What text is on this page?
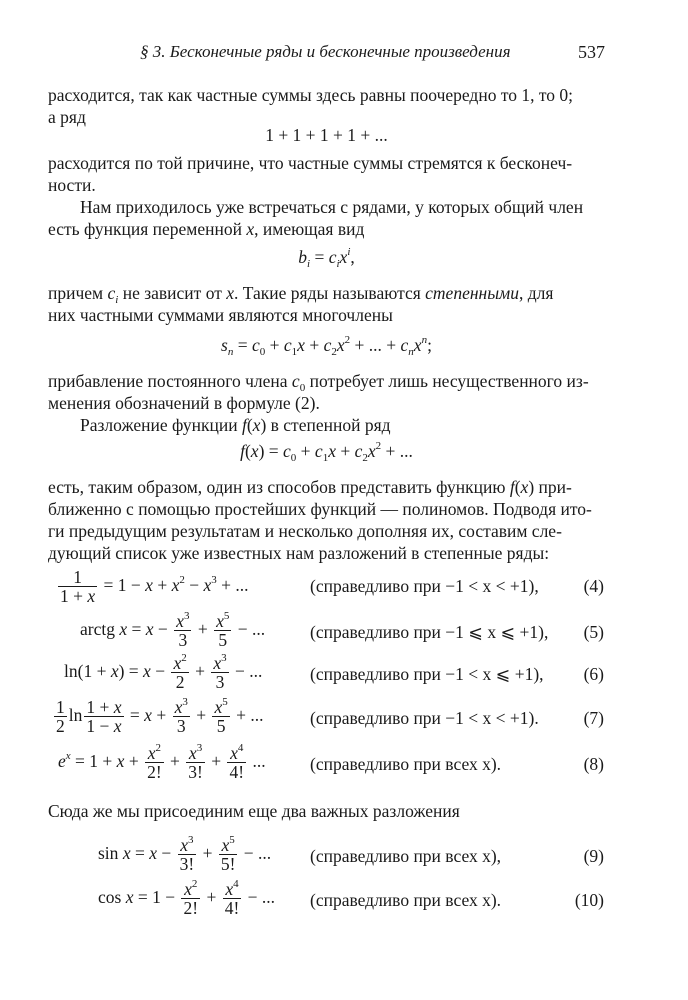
§ 3. Бесконечные ряды и бесконечные произведения	537
расходится, так как частные суммы здесь равны поочередно то 1, то 0;
а ряд
1 + 1 + 1 + 1 + ...
расходится по той причине, что частные суммы стремятся к бесконеч-
ности.
Нам приходилось уже встречаться с рядами, у которых общий член
есть функция переменной x, имеющая вид
$b_i = c_ix^i$,
причем $c_i$ не зависит от x. Такие ряды называются степенными, для
них частными суммами являются многочлены
$s_n = c_0 + c_1x + c_2x^2$ + ... + $c_nx^n$;
прибавление постоянного члена $c_0$ потребует лишь несущественного из-
менения обозначений в формуле (2).
Разложение функции f(x) в степенной ряд
$f(x) = c_0 + c_1x + c_2x^2$ + ...
есть, таким образом, один из способов представить функцию f(x) при-
ближенно с помощью простейших функций — полиномов. Подводя ито-
ги предыдущим результатам и несколько дополняя их, составим сле-
дующий список уже известных нам разложений в степенные ряды:
$\frac{1}{1 + x} = 1 - x + x^2 - x^3$ + ...	(справедливо при −1 < x < +1),	(4)
arctg $x = x - \frac{x^3}{3} + \frac{x^5}{5}$ − ...	(справедливо при −1 ⩽ x ⩽ +1), (5)
$\ln(1 + x) = x - \frac{x^2}{2} + \frac{x^3}{3}$ − ...	(справедливо при −1 < x ⩽ +1), (6)
$\frac{1}{2}$ $\ln \frac{1 + x}{1 - x} = x + \frac{x^3}{3} + \frac{x^5}{5}$ + ...	(справедливо при −1 < x < +1).	(7)
$e^x = 1 + x + \frac{x^2}{2!} + \frac{x^3}{3!} + \frac{x^4}{4!}$ ...	(справедливо при всех x).	(8)
Сюда же мы присоединим еще два важных разложения
$\sin x = x - \frac{x^3}{3!} + \frac{x^5}{5!}$ − ...	(справедливо при всех x),	(9)
$\cos x = 1 - \frac{x^2}{2!} + \frac{x^4}{4!}$ − ...	(справедливо при всех x).	(10)
